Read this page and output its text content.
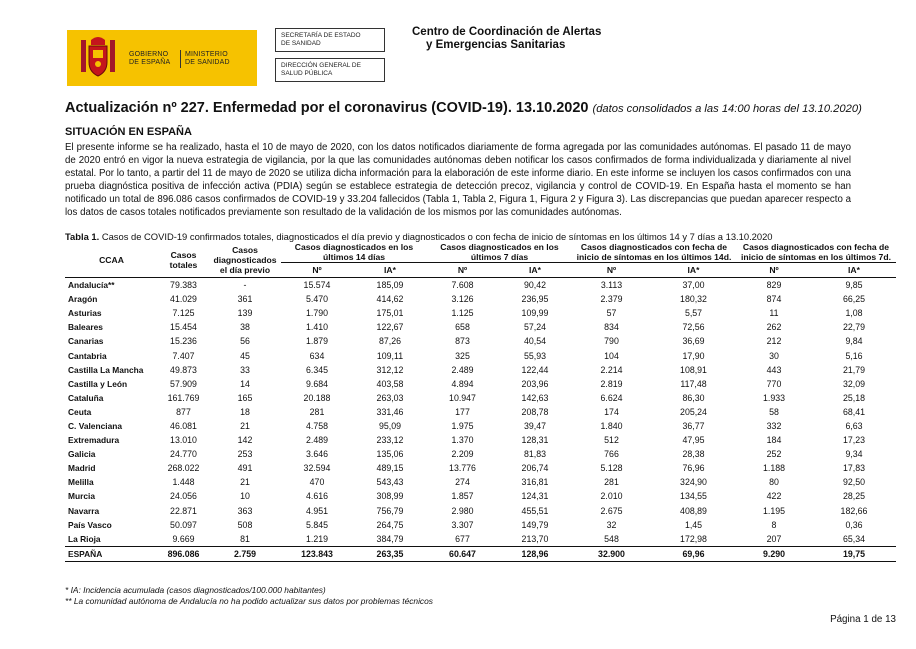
GOBIERNO
DE ESPAÑA
MINISTERIO
DE SANIDAD
SECRETARÍA DE ESTADO
DE SANIDAD
DIRECCIÓN GENERAL DE
SALUD PÚBLICA
Centro de Coordinación de Alertas
y Emergencias Sanitarias
Actualización nº 227. Enfermedad por el coronavirus (COVID-19). 13.10.2020 (datos consolidados a las 14:00 horas del 13.10.2020)
SITUACIÓN EN ESPAÑA
El presente informe se ha realizado, hasta el 10 de mayo de 2020, con los datos notificados diariamente de forma agregada por las comunidades autónomas. El pasado 11 de mayo de 2020 entró en vigor la nueva estrategia de vigilancia, por la que las comunidades autónomas deben notificar los casos confirmados de forma individualizada y diariamente al nivel estatal. Por lo tanto, a partir del 11 de mayo de 2020 se utiliza dicha información para la elaboración de este informe diario. En este informe se incluyen los casos confirmados con una prueba diagnóstica positiva de infección activa (PDIA) según se establece estrategia de detección precoz, vigilancia y control de COVID-19. En España hasta el momento se han notificado un total de 896.086 casos confirmados de COVID-19 y 33.204 fallecidos (Tabla 1, Tabla 2, Figura 1, Figura 2 y Figura 3). Las discrepancias que puedan aparecer respecto a los datos de casos totales notificados previamente son resultado de la validación de los mismos por las comunidades autónomas.
Tabla 1. Casos de COVID-19 confirmados totales, diagnosticados el día previo y diagnosticados o con fecha de inicio de síntomas en los últimos 14 y 7 días a 13.10.2020
CCAA	Casos totales	Casos diagnosticados el día previo	Casos diagnosticados en los últimos 14 días		Casos diagnosticados en los últimos 7 días		Casos diagnosticados con fecha de inicio de síntomas en los últimos 14d.		Casos diagnosticados con fecha de inicio de síntomas en los últimos 7d.	
			Nº	IA*	Nº	IA*	Nº	IA*	Nº	IA*
Andalucía**	79.383	-	15.574	185,09	7.608	90,42	3.113	37,00	829	9,85
Aragón	41.029	361	5.470	414,62	3.126	236,95	2.379	180,32	874	66,25
Asturias	7.125	139	1.790	175,01	1.125	109,99	57	5,57	11	1,08
Baleares	15.454	38	1.410	122,67	658	57,24	834	72,56	262	22,79
Canarias	15.236	56	1.879	87,26	873	40,54	790	36,69	212	9,84
Cantabria	7.407	45	634	109,11	325	55,93	104	17,90	30	5,16
Castilla La Mancha	49.873	33	6.345	312,12	2.489	122,44	2.214	108,91	443	21,79
Castilla y León	57.909	14	9.684	403,58	4.894	203,96	2.819	117,48	770	32,09
Cataluña	161.769	165	20.188	263,03	10.947	142,63	6.624	86,30	1.933	25,18
Ceuta	877	18	281	331,46	177	208,78	174	205,24	58	68,41
C. Valenciana	46.081	21	4.758	95,09	1.975	39,47	1.840	36,77	332	6,63
Extremadura	13.010	142	2.489	233,12	1.370	128,31	512	47,95	184	17,23
Galicia	24.770	253	3.646	135,06	2.209	81,83	766	28,38	252	9,34
Madrid	268.022	491	32.594	489,15	13.776	206,74	5.128	76,96	1.188	17,83
Melilla	1.448	21	470	543,43	274	316,81	281	324,90	80	92,50
Murcia	24.056	10	4.616	308,99	1.857	124,31	2.010	134,55	422	28,25
Navarra	22.871	363	4.951	756,79	2.980	455,51	2.675	408,89	1.195	182,66
País Vasco	50.097	508	5.845	264,75	3.307	149,79	32	1,45	8	0,36
La Rioja	9.669	81	1.219	384,79	677	213,70	548	172,98	207	65,34
ESPAÑA	896.086	2.759	123.843	263,35	60.647	128,96	32.900	69,96	9.290	19,75
* IA: Incidencia acumulada (casos diagnosticados/100.000 habitantes)
** La comunidad autónoma de Andalucía no ha podido actualizar sus datos por problemas técnicos
Página 1 de 13
